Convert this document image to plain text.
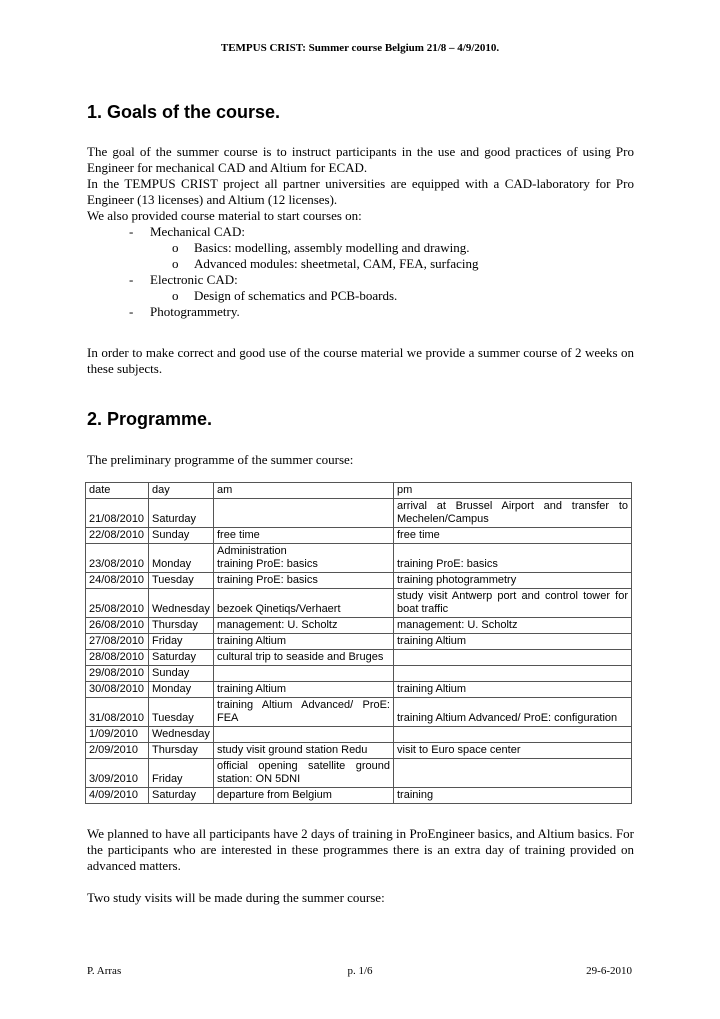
TEMPUS CRIST: Summer course Belgium 21/8 – 4/9/2010.
1. Goals of the course.

The goal of the summer course is to instruct participants in the use and good practices of using Pro Engineer for mechanical CAD and Altium for ECAD.

In the TEMPUS CRIST project all partner universities are equipped with a CAD-laboratory for Pro Engineer (13 licenses) and Altium (12 licenses).

We also provided course material to start courses on:

- Mechanical CAD:
o Basics: modelling, assembly modelling and drawing.
o Advanced modules: sheetmetal, CAM, FEA, surfacing
- Electronic CAD:
o Design of schematics and PCB-boards.
- Photogrammetry.

In order to make correct and good use of the course material we provide a summer course of 2 weeks on these subjects.

2. Programme.

The preliminary programme of the summer course:

date	day	am	pm
21/08/2010	Saturday		arrival at Brussel Airport and transfer to Mechelen/Campus
22/08/2010	Sunday	free time	free time
23/08/2010	Monday	Administration
training ProE: basics	training ProE: basics
24/08/2010	Tuesday	training ProE: basics	training photogrammetry
25/08/2010	Wednesday	bezoek Qinetiqs/Verhaert	study visit Antwerp port and control tower for boat traffic
26/08/2010	Thursday	management: U. Scholtz	management: U. Scholtz
27/08/2010	Friday	training Altium	training Altium
28/08/2010	Saturday	cultural trip to seaside and Bruges	
29/08/2010	Sunday		
30/08/2010	Monday	training Altium	training Altium
31/08/2010	Tuesday	training Altium Advanced/ ProE: FEA	training Altium Advanced/ ProE: configuration
1/09/2010	Wednesday		
2/09/2010	Thursday	study visit ground station Redu	visit to Euro space center
3/09/2010	Friday	official opening satellite ground station: ON 5DNI	
4/09/2010	Saturday	departure from Belgium	training

We planned to have all participants have 2 days of training in ProEngineer basics, and Altium basics. For the participants who are interested in these programmes there is an extra day of training provided on advanced matters.

Two study visits will be made during the summer course:

P. Arras	p. 1/6	29-6-2010
